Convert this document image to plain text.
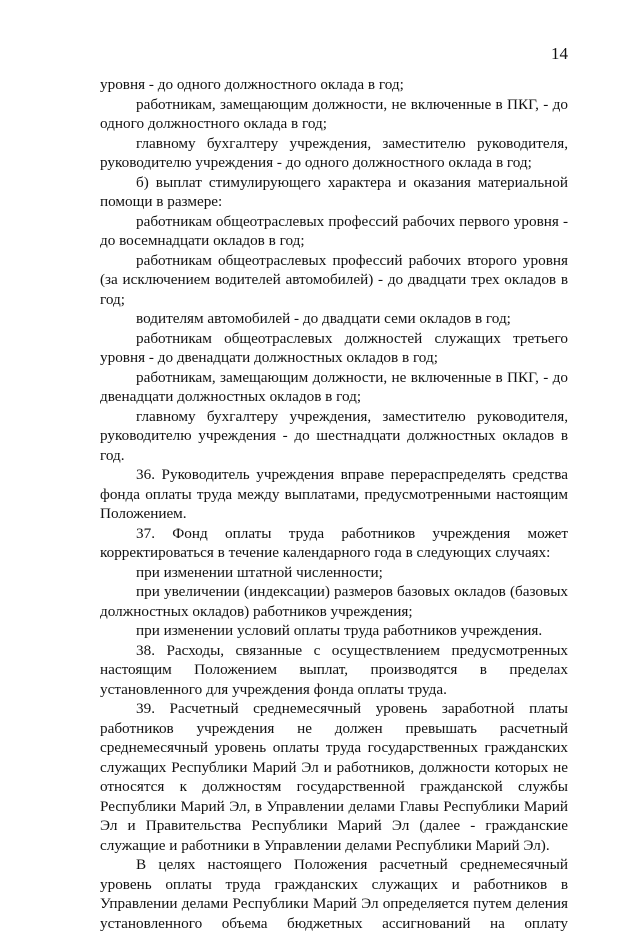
14

уровня - до одного должностного оклада в год;

работникам, замещающим должности, не включенные в ПКГ, - до одного должностного оклада в год;

главному бухгалтеру учреждения, заместителю руководителя, руководителю учреждения - до одного должностного оклада в год;

б) выплат стимулирующего характера и оказания материальной помощи в размере:

работникам общеотраслевых профессий рабочих первого уровня - до восемнадцати окладов в год;

работникам общеотраслевых профессий рабочих второго уровня (за исключением водителей автомобилей) - до двадцати трех окладов в год;

водителям автомобилей - до двадцати семи окладов в год;

работникам общеотраслевых должностей служащих третьего уровня - до двенадцати должностных окладов в год;

работникам, замещающим должности, не включенные в ПКГ, - до двенадцати должностных окладов в год;

главному бухгалтеру учреждения, заместителю руководителя, руководителю учреждения - до шестнадцати должностных окладов в год.

36. Руководитель учреждения вправе перераспределять средства фонда оплаты труда между выплатами, предусмотренными настоящим Положением.

37. Фонд оплаты труда работников учреждения может корректироваться в течение календарного года в следующих случаях:

при изменении штатной численности;

при увеличении (индексации) размеров базовых окладов (базовых должностных окладов) работников учреждения;

при изменении условий оплаты труда работников учреждения.

38. Расходы, связанные с осуществлением предусмотренных настоящим Положением выплат, производятся в пределах установленного для учреждения фонда оплаты труда.

39. Расчетный среднемесячный уровень заработной платы работников учреждения не должен превышать расчетный среднемесячный уровень оплаты труда государственных гражданских служащих Республики Марий Эл и работников, должности которых не относятся к должностям государственной гражданской службы Республики Марий Эл, в Управлении делами Главы Республики Марий Эл и Правительства Республики Марий Эл (далее - гражданские служащие и работники в Управлении делами Республики Марий Эл).

В целях настоящего Положения расчетный среднемесячный уровень оплаты труда гражданских служащих и работников в Управлении делами Республики Марий Эл определяется путем деления установленного объема бюджетных ассигнований на оплату
